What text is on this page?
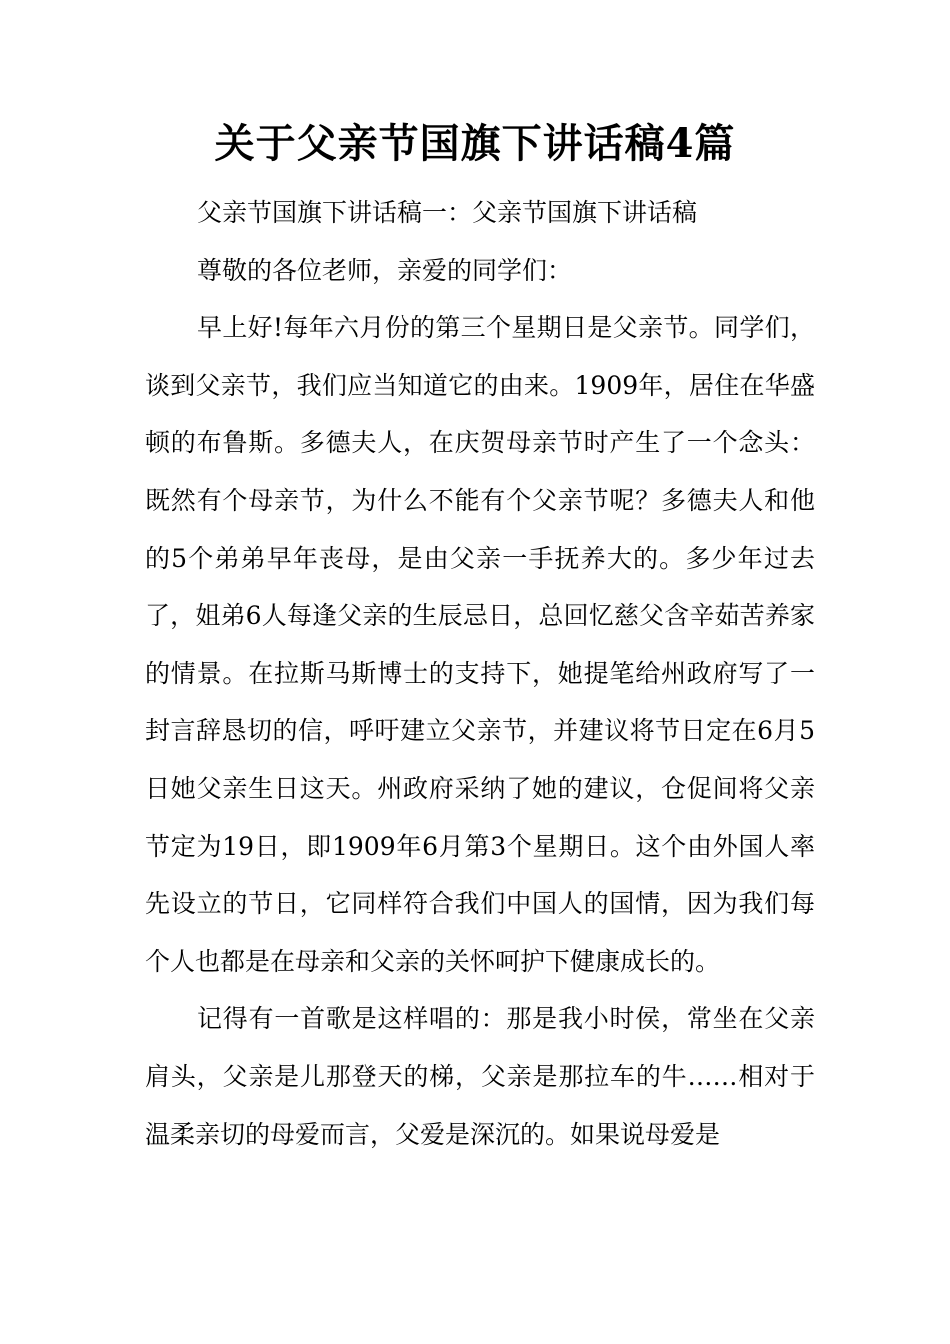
关于父亲节国旗下讲话稿4篇

父亲节国旗下讲话稿一：父亲节国旗下讲话稿

尊敬的各位老师，亲爱的同学们：

早上好!每年六月份的第三个星期日是父亲节。同学们，谈到父亲节，我们应当知道它的由来。1909年，居住在华盛顿的布鲁斯。多德夫人，在庆贺母亲节时产生了一个念头：既然有个母亲节，为什么不能有个父亲节呢？多德夫人和他的5个弟弟早年丧母，是由父亲一手抚养大的。多少年过去了，姐弟6人每逢父亲的生辰忌日，总回忆慈父含辛茹苦养家的情景。在拉斯马斯博士的支持下，她提笔给州政府写了一封言辞恳切的信，呼吁建立父亲节，并建议将节日定在6月5日她父亲生日这天。州政府采纳了她的建议，仓促间将父亲节定为19日，即1909年6月第3个星期日。这个由外国人率先设立的节日，它同样符合我们中国人的国情，因为我们每个人也都是在母亲和父亲的关怀呵护下健康成长的。

记得有一首歌是这样唱的：那是我小时侯，常坐在父亲肩头，父亲是儿那登天的梯，父亲是那拉车的牛……相对于温柔亲切的母爱而言，父爱是深沉的。如果说母爱是
